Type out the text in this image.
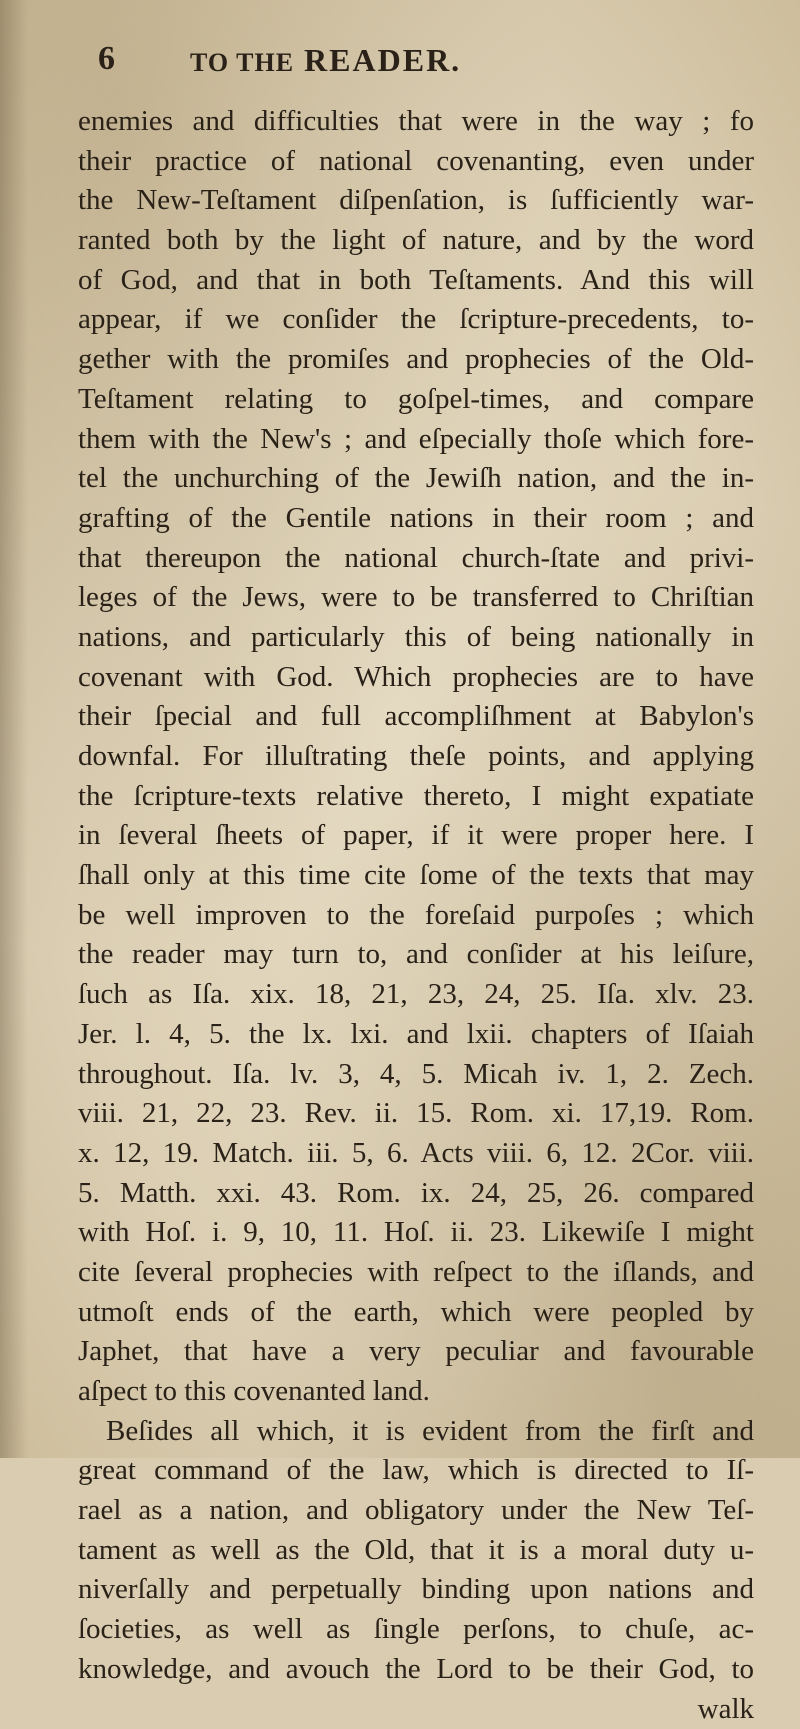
6	TO THE READER.
enemies and difficulties that were in the way ; fo
their practice of national covenanting, even under
the New-Teſtament diſpenſation, is ſufficiently war-
ranted both by the light of nature, and by the word
of God, and that in both Teſtaments. And this will
appear, if we conſider the ſcripture-precedents, to-
gether with the promiſes and prophecies of the Old-
Teſtament relating to goſpel-times, and compare
them with the New's ; and eſpecially thoſe which fore-
tel the unchurching of the Jewiſh nation, and the in-
grafting of the Gentile nations in their room ; and
that thereupon the national church-ſtate and privi-
leges of the Jews, were to be transferred to Chriſtian
nations, and particularly this of being nationally in
covenant with God. Which prophecies are to have
their ſpecial and full accompliſhment at Babylon's
downfal. For illuſtrating theſe points, and applying
the ſcripture-texts relative thereto, I might expatiate
in ſeveral ſheets of paper, if it were proper here. I
ſhall only at this time cite ſome of the texts that may
be well improven to the foreſaid purpoſes ; which
the reader may turn to, and conſider at his leiſure,
ſuch as Iſa. xix. 18, 21, 23, 24, 25. Iſa. xlv. 23.
Jer. l. 4, 5. the lx. lxi. and lxii. chapters of Iſaiah
throughout. Iſa. lv. 3, 4, 5. Micah iv. 1, 2. Zech.
viii. 21, 22, 23. Rev. ii. 15. Rom. xi. 17,19. Rom.
x. 12, 19. Match. iii. 5, 6. Acts viii. 6, 12. 2Cor. viii.
5. Matth. xxi. 43. Rom. ix. 24, 25, 26. compared
with Hoſ. i. 9, 10, 11. Hoſ. ii. 23. Likewiſe I might
cite ſeveral prophecies with reſpect to the iſlands, and
utmoſt ends of the earth, which were peopled by
Japhet, that have a very peculiar and favourable
aſpect to this covenanted land.
Beſides all which, it is evident from the firſt and
great command of the law, which is directed to Iſ-
rael as a nation, and obligatory under the New Teſ-
tament as well as the Old, that it is a moral duty u-
niverſally and perpetually binding upon nations and
ſocieties, as well as ſingle perſons, to chuſe, ac-
knowledge, and avouch the Lord to be their God, to
walk
